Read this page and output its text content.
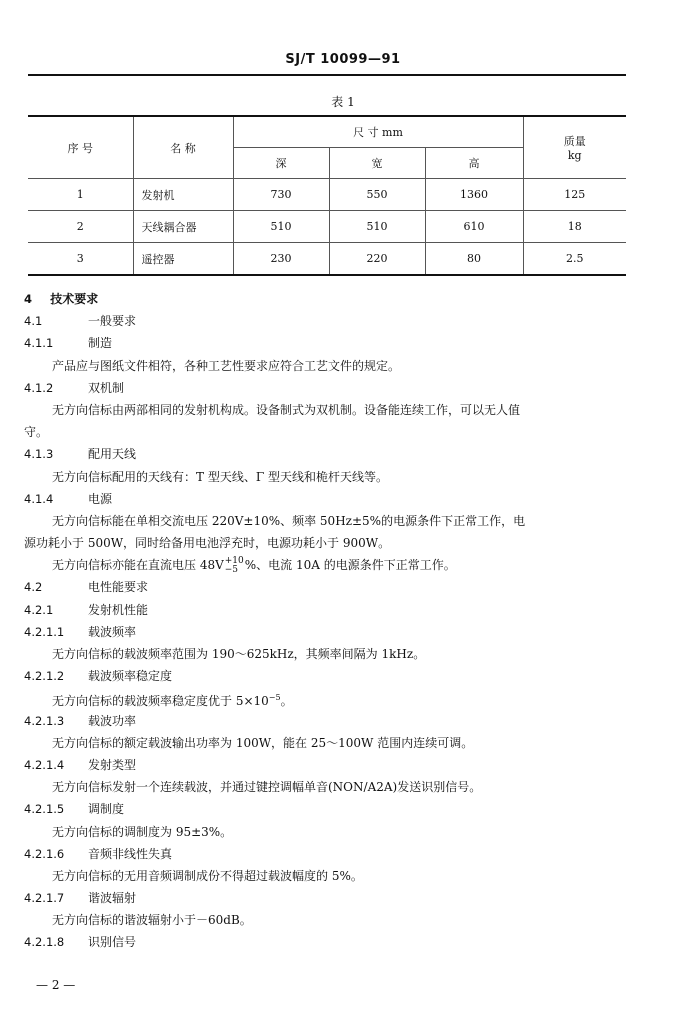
SJ/T 10099—91
表 1
序 号	名 称	尺 寸 mm			质量
kg

		深	宽	高	
1	发射机	730	550	1360	125
2	天线耦合器	510	510	610	18
3	遥控器	230	220	80	2.5
4 技术要求
4.1	一般要求
4.1.1	制造
产品应与图纸文件相符，各种工艺性要求应符合工艺文件的规定。
4.1.2	双机制
无方向信标由两部相同的发射机构成。设备制式为双机制。设备能连续工作，可以无人值
守。
4.1.3	配用天线
无方向信标配用的天线有：T 型天线、Γ 型天线和桅杆天线等。
4.1.4	电源
无方向信标能在单相交流电压 220V±10%、频率 50Hz±5%的电源条件下正常工作，电
源功耗小于 500W，同时给备用电池浮充时，电源功耗小于 900W。
无方向信标亦能在直流电压 48V +10
−5 %、电流 10A 的电源条件下正常工作。
4.2	电性能要求
4.2.1	发射机性能
4.2.1.1 载波频率
无方向信标的载波频率范围为 190～625kHz，其频率间隔为 1kHz。
4.2.1.2 载波频率稳定度
无方向信标的载波频率稳定度优于 $5\times 10^{-5}$。
4.2.1.3 载波功率
无方向信标的额定载波输出功率为 100W，能在 25～100W 范围内连续可调。
4.2.1.4 发射类型
无方向信标发射一个连续载波，并通过键控调幅单音(NON/A2A)发送识别信号。
4.2.1.5 调制度
无方向信标的调制度为 95±3%。
4.2.1.6 音频非线性失真
无方向信标的无用音频调制成份不得超过载波幅度的 5%。
4.2.1.7 谐波辐射
无方向信标的谐波辐射小于－60dB。
4.2.1.8 识别信号
— 2 —
